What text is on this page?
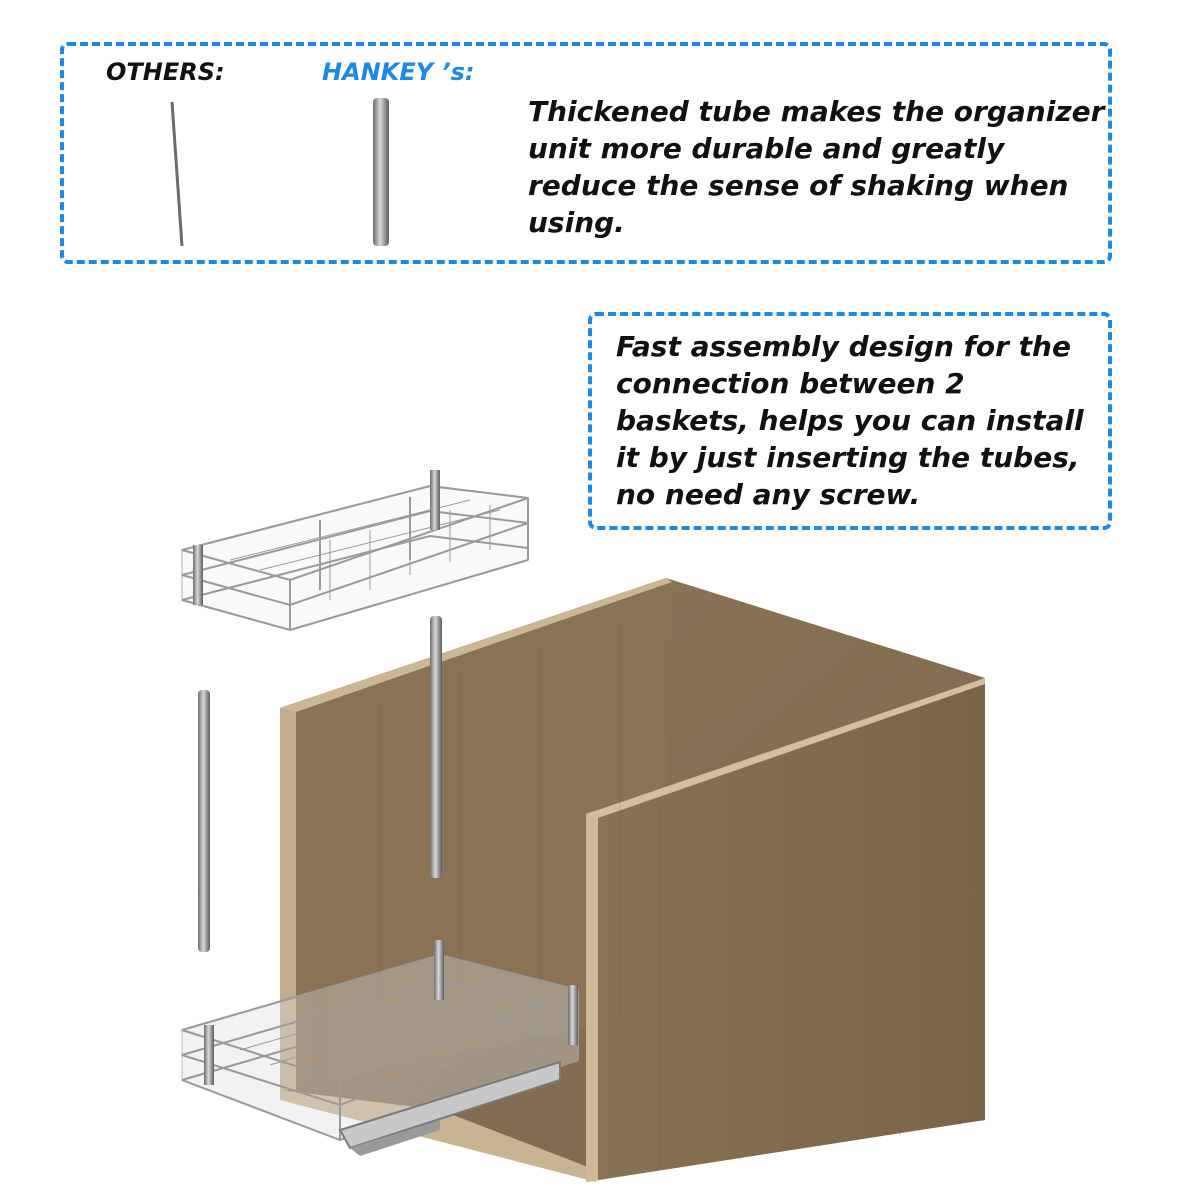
OTHERS:	HANKEY ’s:
Thickened tube makes the organizer unit more durable and greatly reduce the sense of shaking when using.
Fast assembly design for the connection between 2 baskets, helps you can install it by just inserting the tubes, no need any screw.
